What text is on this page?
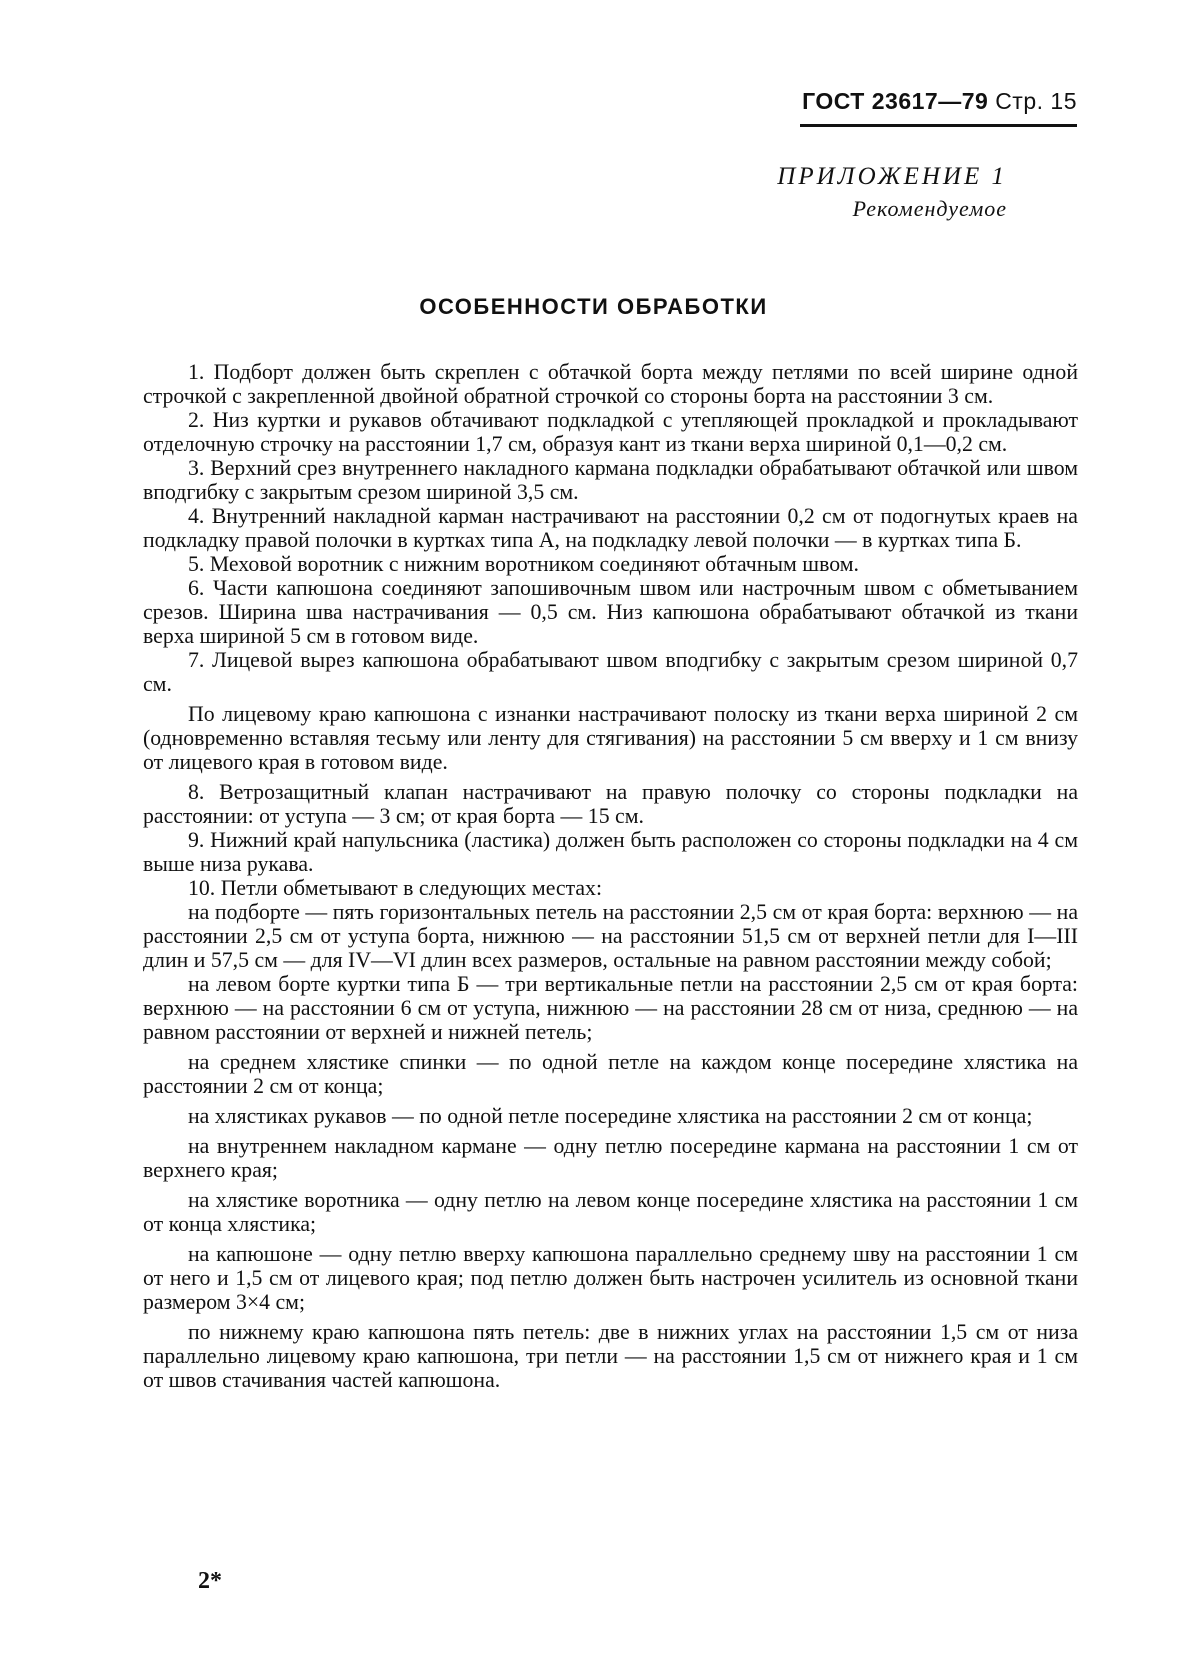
ГОСТ 23617—79 Стр. 15
ПРИЛОЖЕНИЕ 1
Рекомендуемое
ОСОБЕННОСТИ ОБРАБОТКИ

1. Подборт должен быть скреплен с обтачкой борта между петлями по всей ширине одной строчкой с закрепленной двойной обратной строчкой со стороны борта на расстоянии 3 см.

2. Низ куртки и рукавов обтачивают подкладкой с утепляющей прокладкой и прокладывают отделочную строчку на расстоянии 1,7 см, образуя кант из ткани верха шириной 0,1—0,2 см.

3. Верхний срез внутреннего накладного кармана подкладки обрабатывают обтачкой или швом вподгибку с закрытым срезом шириной 3,5 см.

4. Внутренний накладной карман настрачивают на расстоянии 0,2 см от подогнутых краев на подкладку правой полочки в куртках типа А, на подкладку левой полочки — в куртках типа Б.

5. Меховой воротник с нижним воротником соединяют обтачным швом.

6. Части капюшона соединяют запошивочным швом или настрочным швом с обметыванием срезов. Ширина шва настрачивания — 0,5 см. Низ капюшона обрабатывают обтачкой из ткани верха шириной 5 см в готовом виде.

7. Лицевой вырез капюшона обрабатывают швом вподгибку с закрытым срезом шириной 0,7 см.

По лицевому краю капюшона с изнанки настрачивают полоску из ткани верха шириной 2 см (одновременно вставляя тесьму или ленту для стягивания) на расстоянии 5 см вверху и 1 см внизу от лицевого края в готовом виде.

8. Ветрозащитный клапан настрачивают на правую полочку со стороны подкладки на расстоянии: от уступа — 3 см; от края борта — 15 см.

9. Нижний край напульсника (ластика) должен быть расположен со стороны подкладки на 4 см выше низа рукава.

10. Петли обметывают в следующих местах:

на подборте — пять горизонтальных петель на расстоянии 2,5 см от края борта: верхнюю — на расстоянии 2,5 см от уступа борта, нижнюю — на расстоянии 51,5 см от верхней петли для I—III длин и 57,5 см — для IV—VI длин всех размеров, остальные на равном расстоянии между собой;

на левом борте куртки типа Б — три вертикальные петли на расстоянии 2,5 см от края борта: верхнюю — на расстоянии 6 см от уступа, нижнюю — на расстоянии 28 см от низа, среднюю — на равном расстоянии от верхней и нижней петель;

на среднем хлястике спинки — по одной петле на каждом конце посередине хлястика на расстоянии 2 см от конца;

на хлястиках рукавов — по одной петле посередине хлястика на расстоянии 2 см от конца;

на внутреннем накладном кармане — одну петлю посередине кармана на расстоянии 1 см от верхнего края;

на хлястике воротника — одну петлю на левом конце посередине хлястика на расстоянии 1 см от конца хлястика;

на капюшоне — одну петлю вверху капюшона параллельно среднему шву на расстоянии 1 см от него и 1,5 см от лицевого края; под петлю должен быть настрочен усилитель из основной ткани размером 3×4 см;

по нижнему краю капюшона пять петель: две в нижних углах на расстоянии 1,5 см от низа параллельно лицевому краю капюшона, три петли — на расстоянии 1,5 см от нижнего края и 1 см от швов стачивания частей капюшона.

2*
